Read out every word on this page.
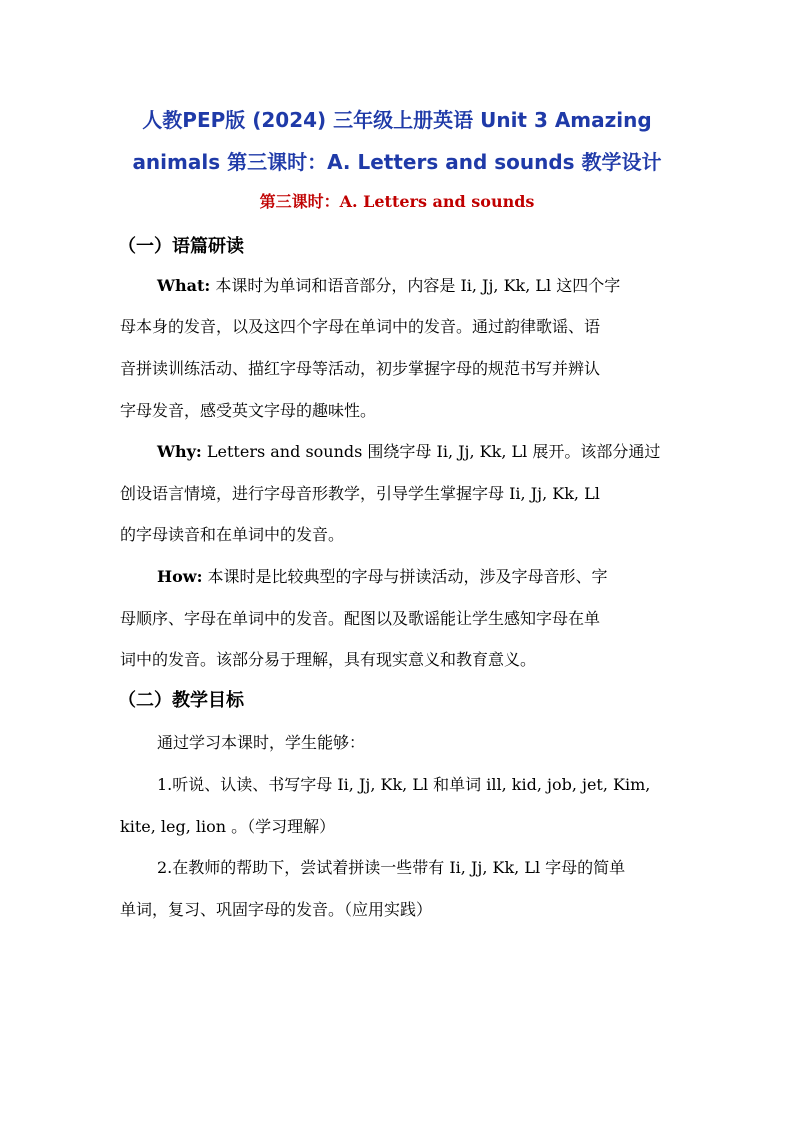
人教PEP版 (2024) 三年级上册英语 Unit 3 Amazing
animals 第三课时：A. Letters and sounds 教学设计
第三课时：A. Letters and sounds
（一）语篇研读
What: 本课时为单词和语音部分，内容是 Ii, Jj, Kk, Ll 这四个字
母本身的发音，以及这四个字母在单词中的发音。通过韵律歌谣、语
音拼读训练活动、描红字母等活动，初步掌握字母的规范书写并辨认
字母发音，感受英文字母的趣味性。
Why: Letters and sounds 围绕字母 Ii, Jj, Kk, Ll 展开。该部分通过
创设语言情境，进行字母音形教学，引导学生掌握字母 Ii, Jj, Kk, Ll
的字母读音和在单词中的发音。
How: 本课时是比较典型的字母与拼读活动，涉及字母音形、字
母顺序、字母在单词中的发音。配图以及歌谣能让学生感知字母在单
词中的发音。该部分易于理解，具有现实意义和教育意义。
（二）教学目标
通过学习本课时，学生能够：
1.听说、认读、书写字母 Ii, Jj, Kk, Ll 和单词 ill, kid, job, jet, Kim,
kite, leg, lion 。（学习理解）
2.在教师的帮助下，尝试着拼读一些带有 Ii, Jj, Kk, Ll 字母的简单
单词，复习、巩固字母的发音。（应用实践）
